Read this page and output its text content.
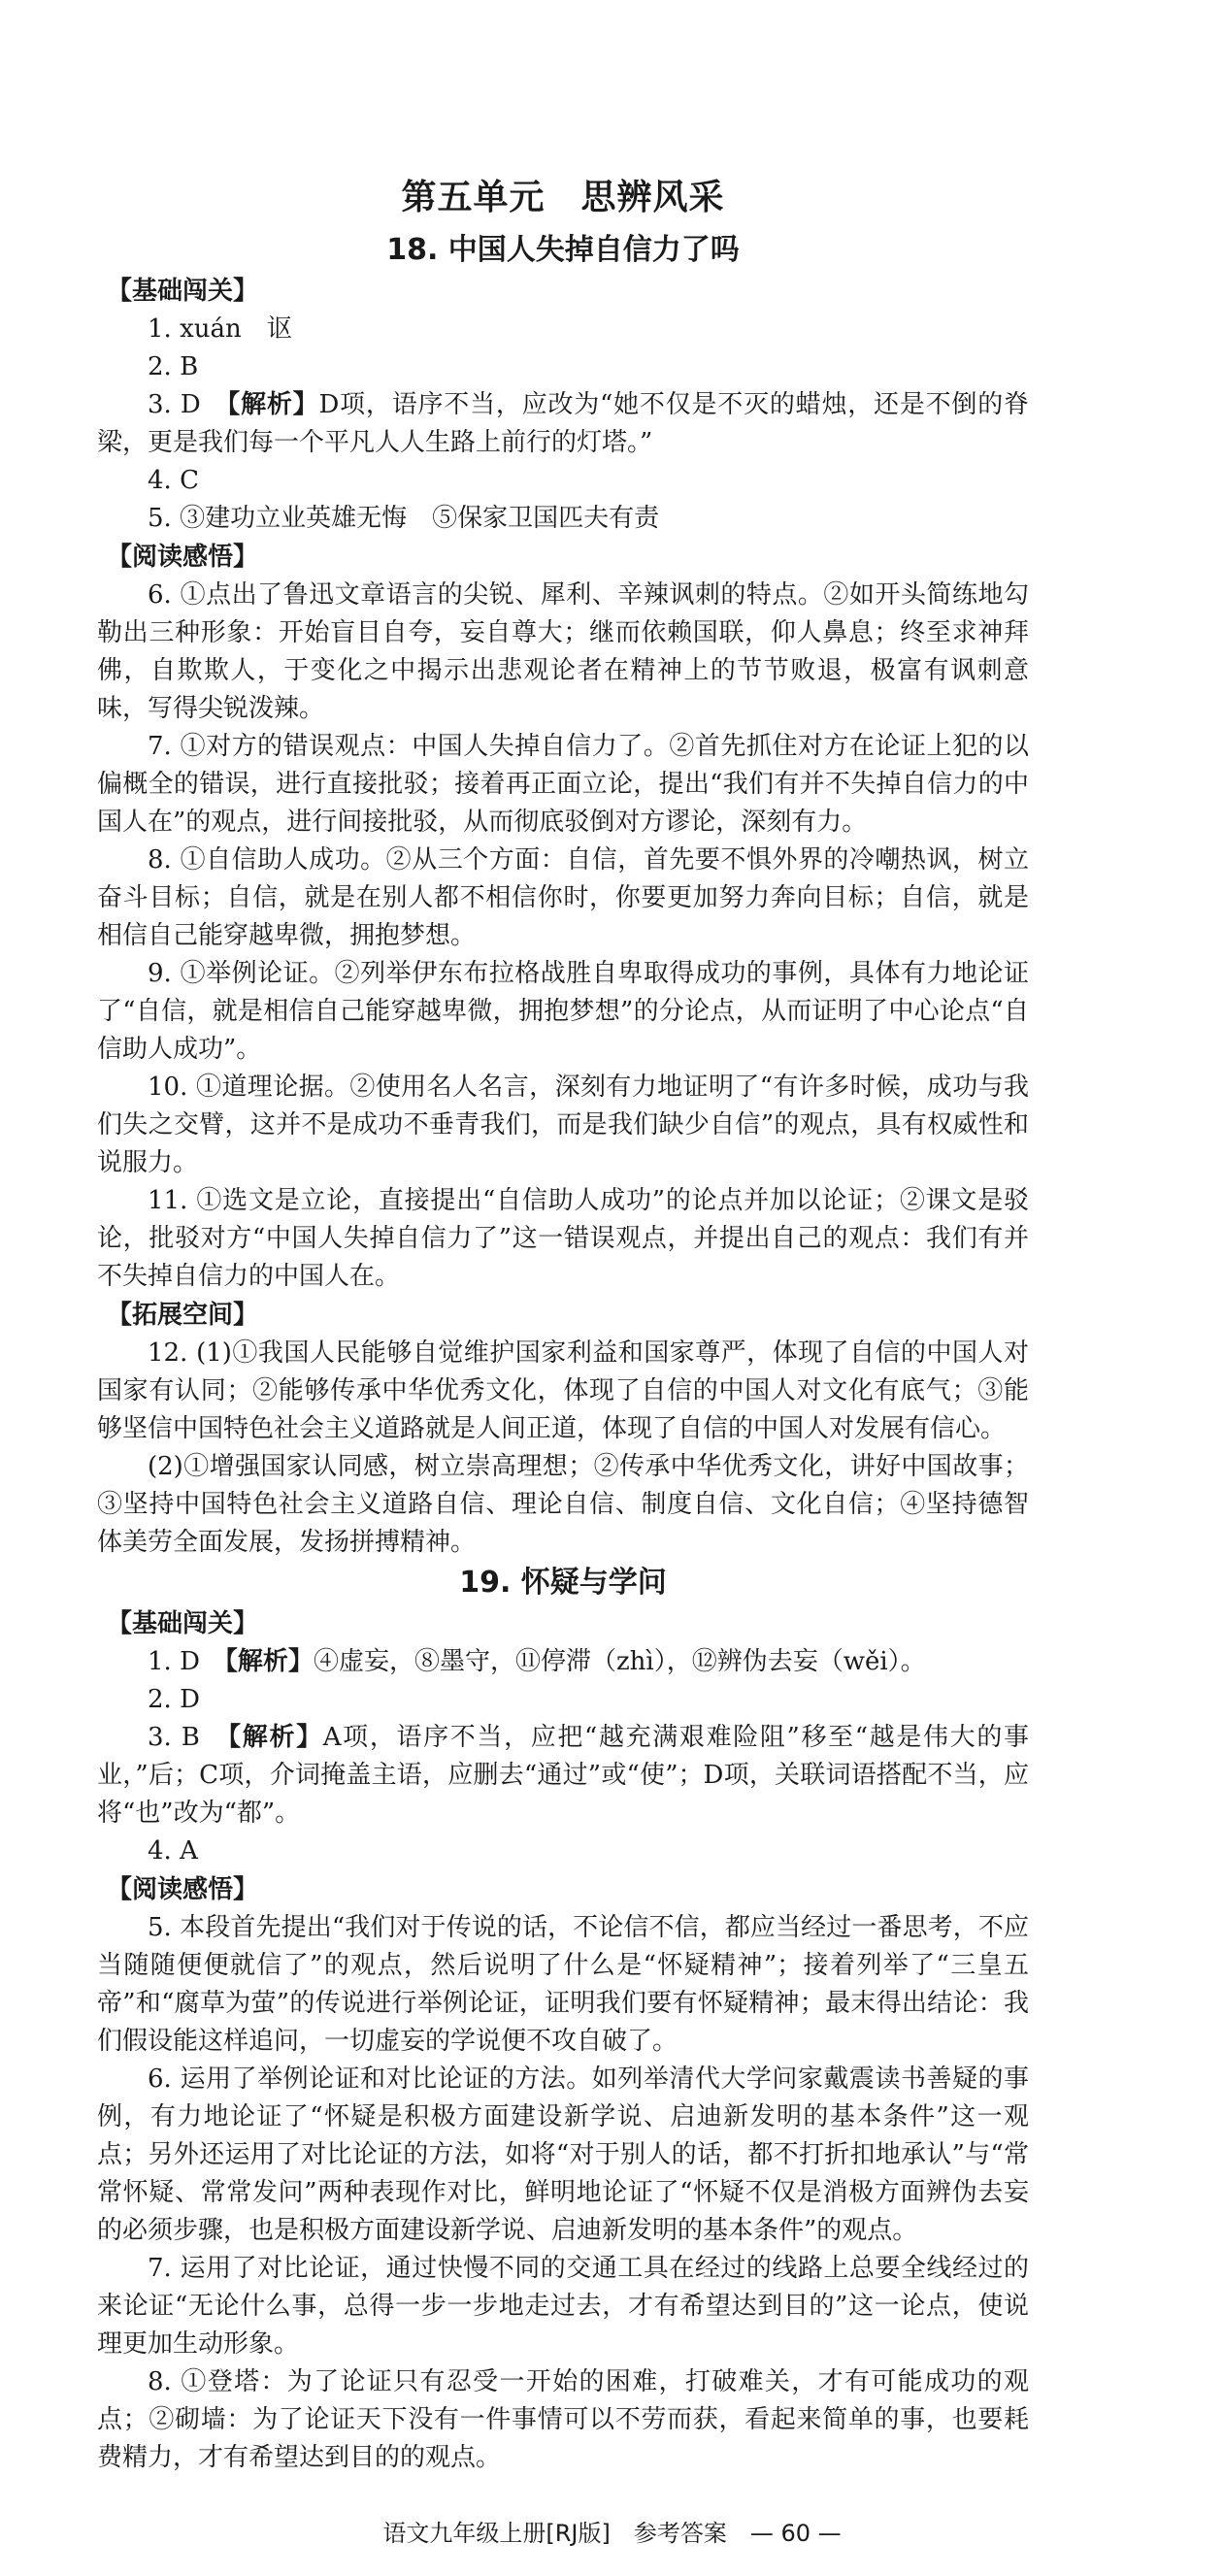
第五单元　思辨风采
18. 中国人失掉自信力了吗
【基础闯关】

1. xuán　讴

2. B

3. D　【解析】D项，语序不当，应改为“她不仅是不灭的蜡烛，还是不倒的脊梁，更是我们每一个平凡人人生路上前行的灯塔。”

4. C

5. ③建功立业英雄无悔　⑤保家卫国匹夫有责

【阅读感悟】

6. ①点出了鲁迅文章语言的尖锐、犀利、辛辣讽刺的特点。②如开头简练地勾勒出三种形象：开始盲目自夸，妄自尊大；继而依赖国联，仰人鼻息；终至求神拜佛，自欺欺人，于变化之中揭示出悲观论者在精神上的节节败退，极富有讽刺意味，写得尖锐泼辣。

7. ①对方的错误观点：中国人失掉自信力了。②首先抓住对方在论证上犯的以偏概全的错误，进行直接批驳；接着再正面立论，提出“我们有并不失掉自信力的中国人在”的观点，进行间接批驳，从而彻底驳倒对方谬论，深刻有力。

8. ①自信助人成功。②从三个方面：自信，首先要不惧外界的冷嘲热讽，树立奋斗目标；自信，就是在别人都不相信你时，你要更加努力奔向目标；自信，就是相信自己能穿越卑微，拥抱梦想。

9. ①举例论证。②列举伊东布拉格战胜自卑取得成功的事例，具体有力地论证了“自信，就是相信自己能穿越卑微，拥抱梦想”的分论点，从而证明了中心论点“自信助人成功”。

10. ①道理论据。②使用名人名言，深刻有力地证明了“有许多时候，成功与我们失之交臂，这并不是成功不垂青我们，而是我们缺少自信”的观点，具有权威性和说服力。

11. ①选文是立论，直接提出“自信助人成功”的论点并加以论证；②课文是驳论，批驳对方“中国人失掉自信力了”这一错误观点，并提出自己的观点：我们有并不失掉自信力的中国人在。

【拓展空间】

12. (1)①我国人民能够自觉维护国家利益和国家尊严，体现了自信的中国人对国家有认同；②能够传承中华优秀文化，体现了自信的中国人对文化有底气；③能够坚信中国特色社会主义道路就是人间正道，体现了自信的中国人对发展有信心。

(2)①增强国家认同感，树立崇高理想；②传承中华优秀文化，讲好中国故事；③坚持中国特色社会主义道路自信、理论自信、制度自信、文化自信；④坚持德智体美劳全面发展，发扬拼搏精神。

19. 怀疑与学问
【基础闯关】

1. D　【解析】④虚妄，⑧墨守，⑪停滞（zhì），⑫辨伪去妄（wěi）。

2. D

3. B　【解析】A项，语序不当，应把“越充满艰难险阻”移至“越是伟大的事业，”后；C项，介词掩盖主语，应删去“通过”或“使”；D项，关联词语搭配不当，应将“也”改为“都”。

4. A

【阅读感悟】

5. 本段首先提出“我们对于传说的话，不论信不信，都应当经过一番思考，不应当随随便便就信了”的观点，然后说明了什么是“怀疑精神”；接着列举了“三皇五帝”和“腐草为萤”的传说进行举例论证，证明我们要有怀疑精神；最末得出结论：我们假设能这样追问，一切虚妄的学说便不攻自破了。

6. 运用了举例论证和对比论证的方法。如列举清代大学问家戴震读书善疑的事例，有力地论证了“怀疑是积极方面建设新学说、启迪新发明的基本条件”这一观点；另外还运用了对比论证的方法，如将“对于别人的话，都不打折扣地承认”与“常常怀疑、常常发问”两种表现作对比，鲜明地论证了“怀疑不仅是消极方面辨伪去妄的必须步骤，也是积极方面建设新学说、启迪新发明的基本条件”的观点。

7. 运用了对比论证，通过快慢不同的交通工具在经过的线路上总要全线经过的来论证“无论什么事，总得一步一步地走过去，才有希望达到目的”这一论点，使说理更加生动形象。

8. ①登塔：为了论证只有忍受一开始的困难，打破难关，才有可能成功的观点；②砌墙：为了论证天下没有一件事情可以不劳而获，看起来简单的事，也要耗费精力，才有希望达到目的的观点。

语文九年级上册[RJ版]　参考答案　— 60 —
